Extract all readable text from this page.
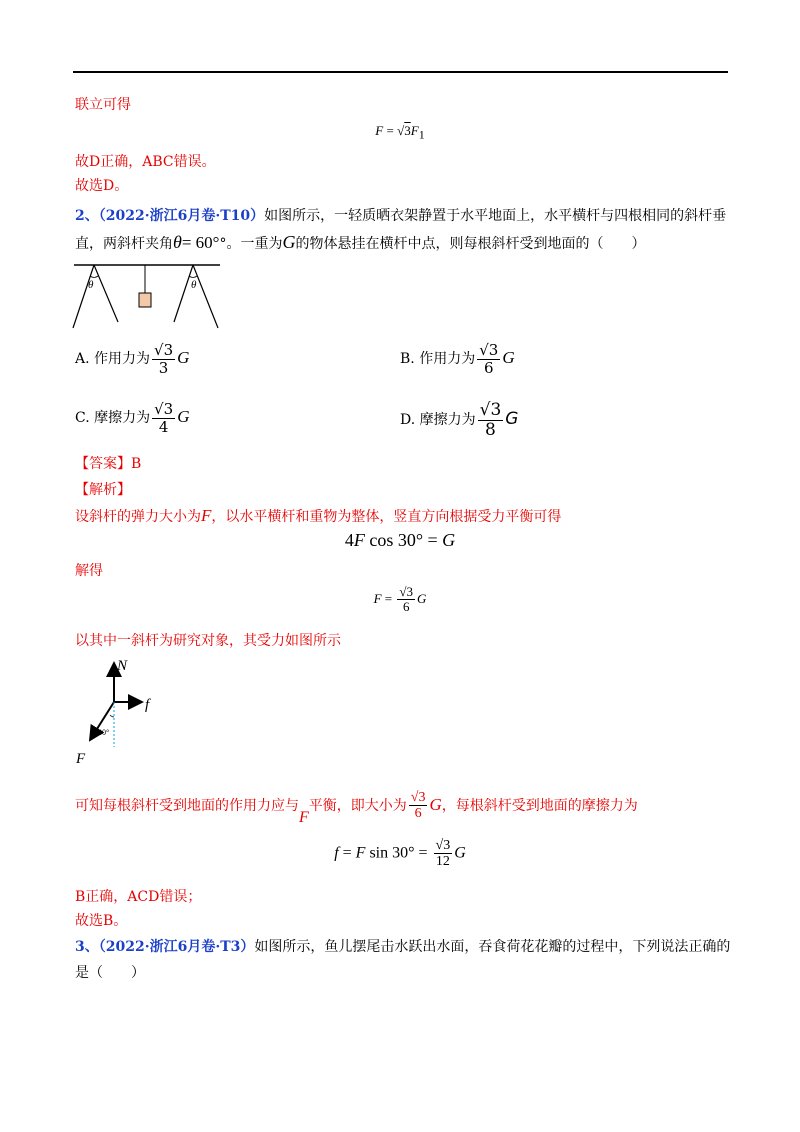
联立可得
$F = √3F_1$
故D正确，ABC错误。
故选D。
2、（2022·浙江6月卷·T10）如图所示，一轻质晒衣架静置于水平地面上，水平横杆与四根相同的斜杆垂
直，两斜杆夹角θ= 60°°。一重为G的物体悬挂在横杆中点，则每根斜杆受到地面的（　　）
θ	θ
A. 作用力为 $\frac{√3}{3}$ G	B. 作用力为 $\frac{√3}{6}$ G
C. 摩擦力为 $\frac{√3}{4}$ G	D. 摩擦力为 $\frac{√3}{8}$ G
【答案】B
【解析】
设斜杆的弹力大小为F，以水平横杆和重物为整体，竖直方向根据受力平衡可得
4F cos 30° = G
解得
$F = \frac{√3}{6}$ G
以其中一斜杆为研究对象，其受力如图所示
N
f
30°
F
可知每根斜杆受到地面的作用力应与F平衡，即大小为 $\frac{√3}{6}$ G，每根斜杆受到地面的摩擦力为
f = F $\sin 30^\circ = \frac{√3}{12}$ G
B正确，ACD错误；
故选B。
3、（2022·浙江6月卷·T3）如图所示，鱼儿摆尾击水跃出水面，吞食荷花花瓣的过程中，下列说法正确的
是（　　）
